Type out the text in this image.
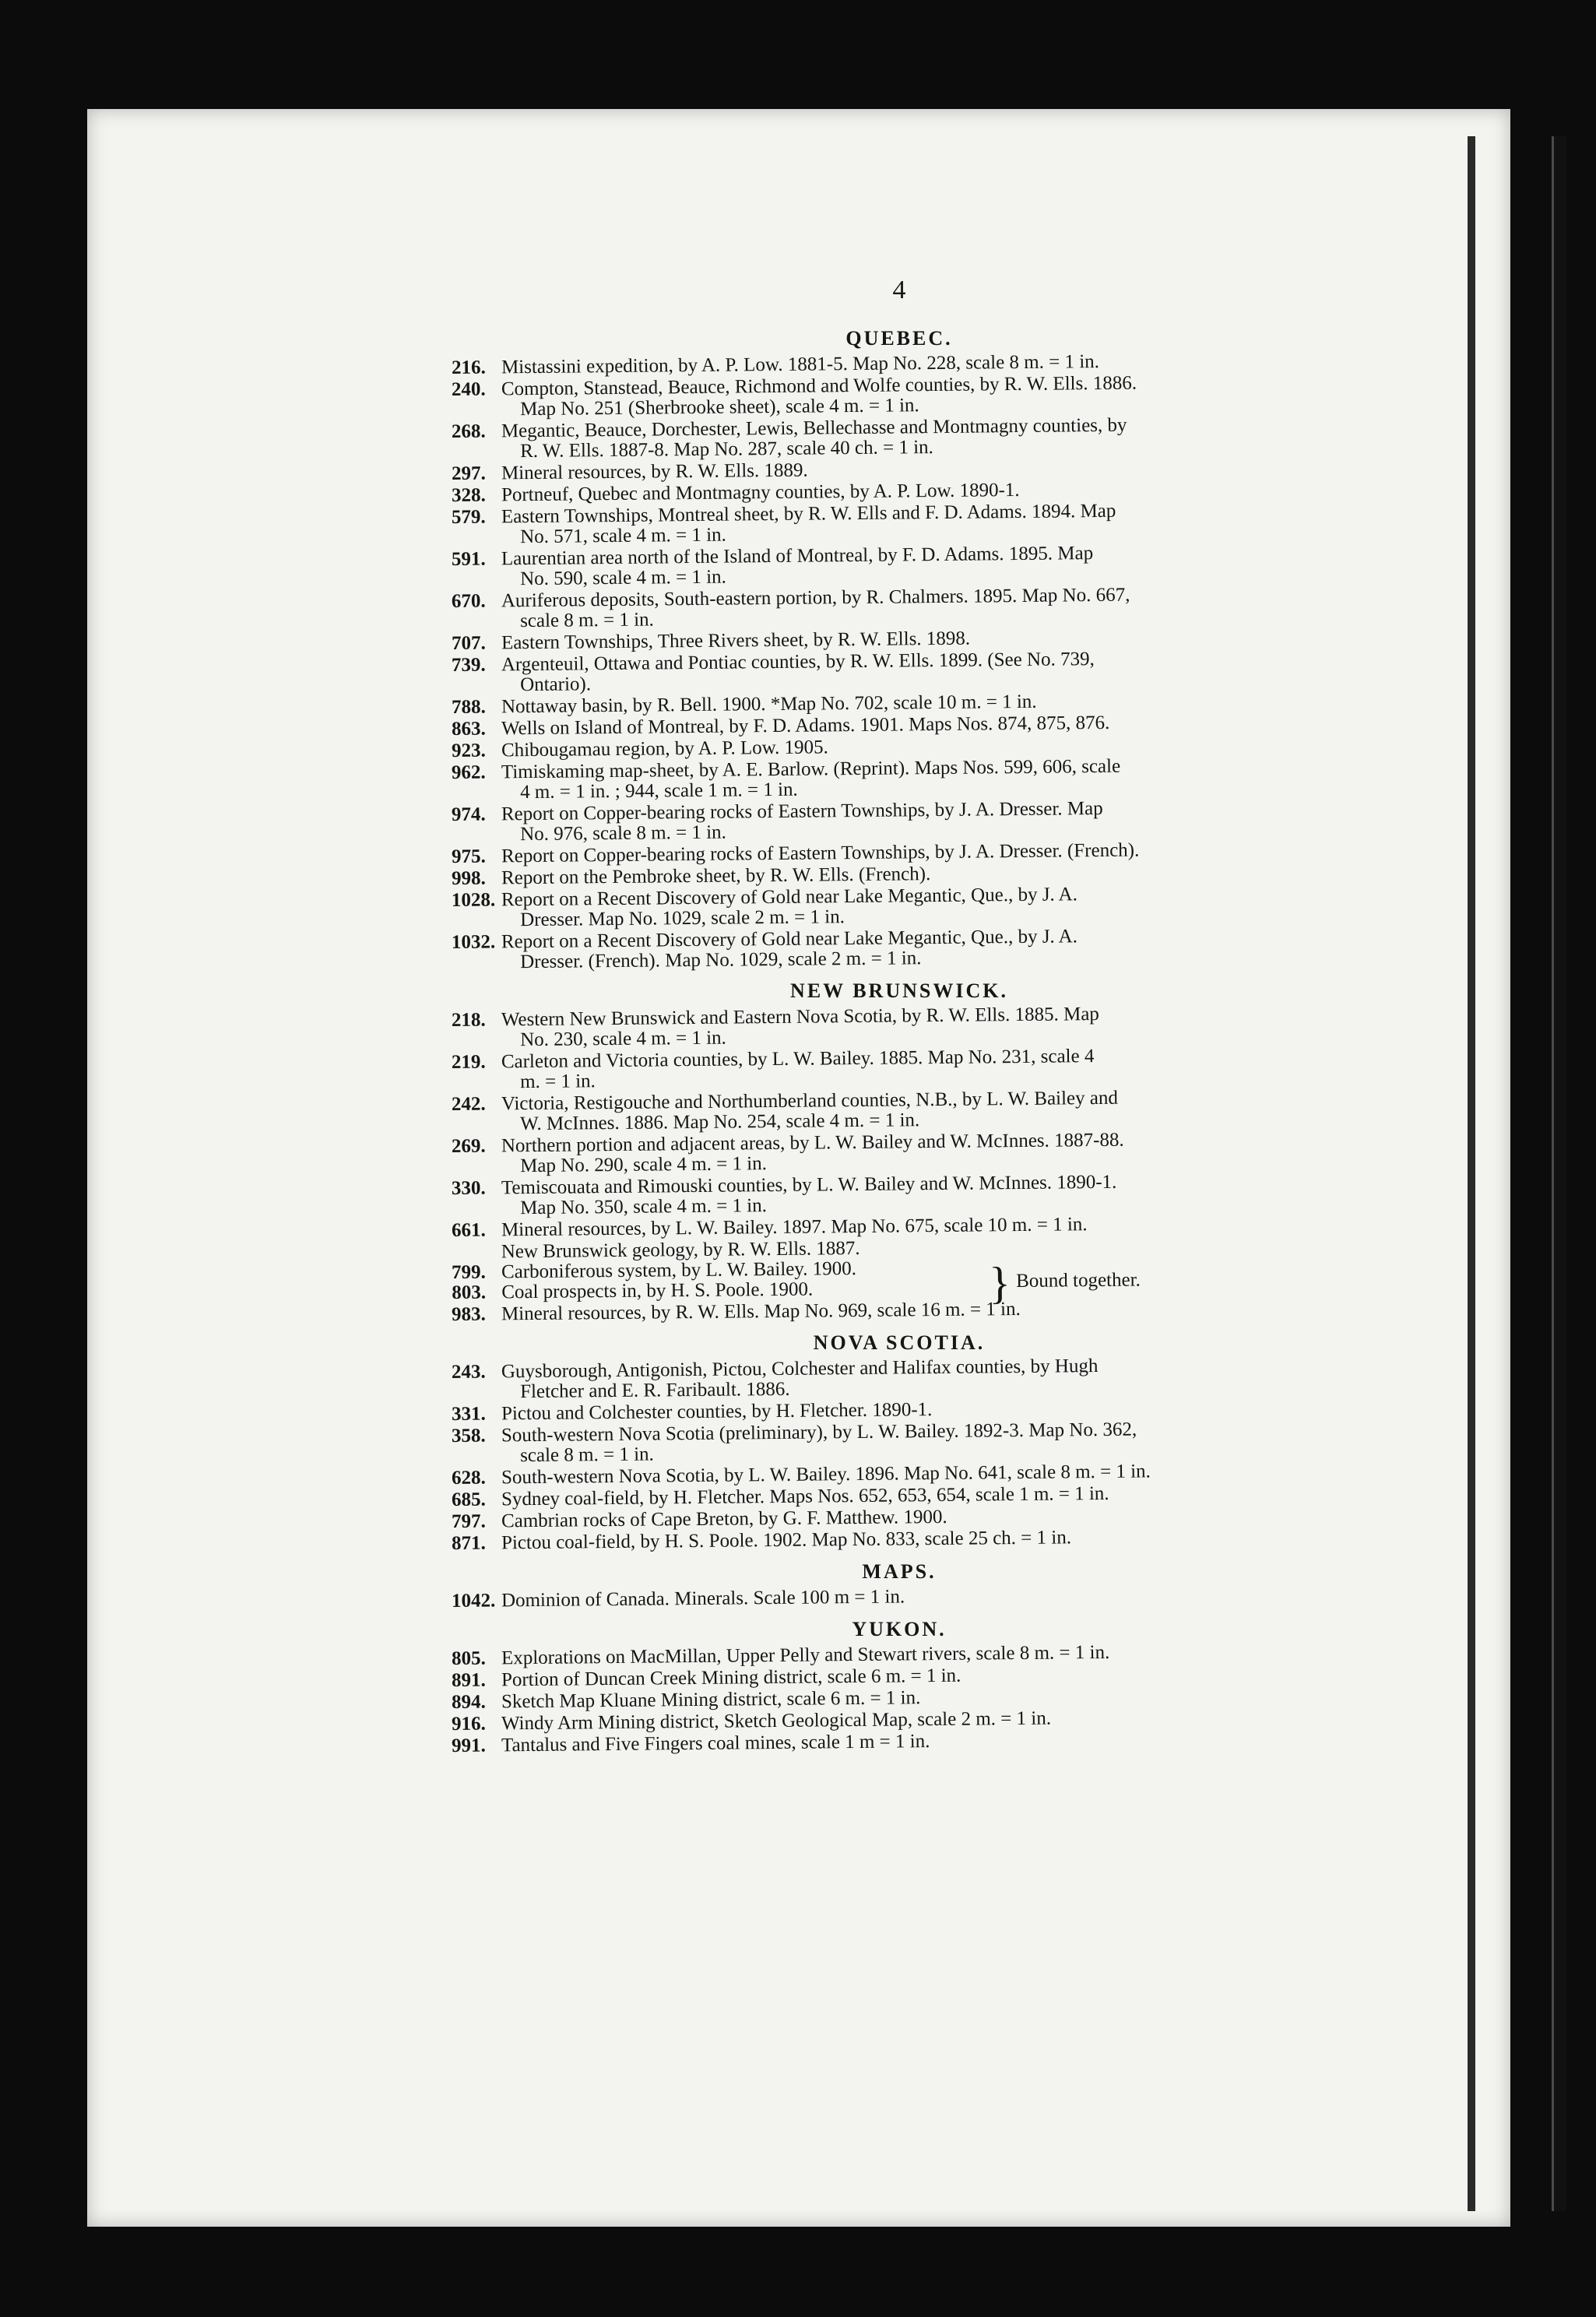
4
QUEBEC.
216. Mistassini expedition, by A. P. Low. 1881-5. Map No. 228, scale 8 m. = 1 in.
240. Compton, Stanstead, Beauce, Richmond and Wolfe counties, by R. W. Ells. 1886.
Map No. 251 (Sherbrooke sheet), scale 4 m. = 1 in.
268. Megantic, Beauce, Dorchester, Lewis, Bellechasse and Montmagny counties, by
R. W. Ells. 1887-8. Map No. 287, scale 40 ch. = 1 in.
297. Mineral resources, by R. W. Ells. 1889.
328. Portneuf, Quebec and Montmagny counties, by A. P. Low. 1890-1.
579. Eastern Townships, Montreal sheet, by R. W. Ells and F. D. Adams. 1894. Map
No. 571, scale 4 m. = 1 in.
591. Laurentian area north of the Island of Montreal, by F. D. Adams. 1895. Map
No. 590, scale 4 m. = 1 in.
670. Auriferous deposits, South-eastern portion, by R. Chalmers. 1895. Map No. 667,
scale 8 m. = 1 in.
707. Eastern Townships, Three Rivers sheet, by R. W. Ells. 1898.
739. Argenteuil, Ottawa and Pontiac counties, by R. W. Ells. 1899. (See No. 739,
Ontario).
788. Nottaway basin, by R. Bell. 1900. *Map No. 702, scale 10 m. = 1 in.
863. Wells on Island of Montreal, by F. D. Adams. 1901. Maps Nos. 874, 875, 876.
923. Chibougamau region, by A. P. Low. 1905.
962. Timiskaming map-sheet, by A. E. Barlow. (Reprint). Maps Nos. 599, 606, scale
4 m. = 1 in. ; 944, scale 1 m. = 1 in.
974. Report on Copper-bearing rocks of Eastern Townships, by J. A. Dresser. Map
No. 976, scale 8 m. = 1 in.
975. Report on Copper-bearing rocks of Eastern Townships, by J. A. Dresser. (French).
998. Report on the Pembroke sheet, by R. W. Ells. (French).
1028. Report on a Recent Discovery of Gold near Lake Megantic, Que., by J. A.
Dresser. Map No. 1029, scale 2 m. = 1 in.
1032. Report on a Recent Discovery of Gold near Lake Megantic, Que., by J. A.
Dresser. (French). Map No. 1029, scale 2 m. = 1 in.
NEW BRUNSWICK.
218. Western New Brunswick and Eastern Nova Scotia, by R. W. Ells. 1885. Map
No. 230, scale 4 m. = 1 in.
219. Carleton and Victoria counties, by L. W. Bailey. 1885. Map No. 231, scale 4
m. = 1 in.
242. Victoria, Restigouche and Northumberland counties, N.B., by L. W. Bailey and
W. McInnes. 1886. Map No. 254, scale 4 m. = 1 in.
269. Northern portion and adjacent areas, by L. W. Bailey and W. McInnes. 1887-88.
Map No. 290, scale 4 m. = 1 in.
330. Temiscouata and Rimouski counties, by L. W. Bailey and W. McInnes. 1890-1.
Map No. 350, scale 4 m. = 1 in.
661. Mineral resources, by L. W. Bailey. 1897. Map No. 675, scale 10 m. = 1 in.
New Brunswick geology, by R. W. Ells. 1887.
799. Carboniferous system, by L. W. Bailey. 1900.
803. Coal prospects in, by H. S. Poole. 1900.	} Bound together.
983. Mineral resources, by R. W. Ells. Map No. 969, scale 16 m. = 1 in.
NOVA SCOTIA.
243. Guysborough, Antigonish, Pictou, Colchester and Halifax counties, by Hugh
Fletcher and E. R. Faribault. 1886.
331. Pictou and Colchester counties, by H. Fletcher. 1890-1.
358. South-western Nova Scotia (preliminary), by L. W. Bailey. 1892-3. Map No. 362,
scale 8 m. = 1 in.
628. South-western Nova Scotia, by L. W. Bailey. 1896. Map No. 641, scale 8 m. = 1 in.
685. Sydney coal-field, by H. Fletcher. Maps Nos. 652, 653, 654, scale 1 m. = 1 in.
797. Cambrian rocks of Cape Breton, by G. F. Matthew. 1900.
871. Pictou coal-field, by H. S. Poole. 1902. Map No. 833, scale 25 ch. = 1 in.
MAPS.
1042. Dominion of Canada. Minerals. Scale 100 m = 1 in.
YUKON.
805. Explorations on MacMillan, Upper Pelly and Stewart rivers, scale 8 m. = 1 in.
891. Portion of Duncan Creek Mining district, scale 6 m. = 1 in.
894. Sketch Map Kluane Mining district, scale 6 m. = 1 in.
916. Windy Arm Mining district, Sketch Geological Map, scale 2 m. = 1 in.
991. Tantalus and Five Fingers coal mines, scale 1 m = 1 in.
